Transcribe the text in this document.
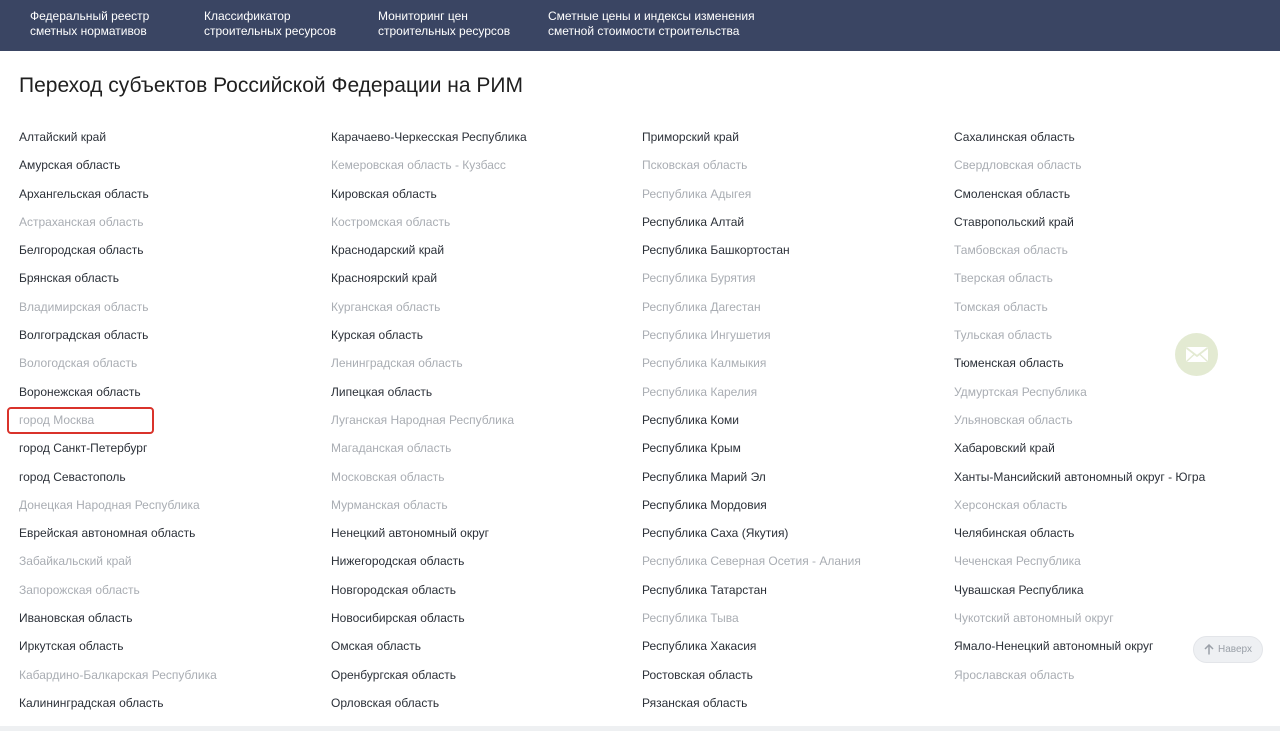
Федеральный реестр
сметных нормативов
Классификатор
строительных ресурсов
Мониторинг цен
строительных ресурсов
Сметные цены и индексы изменения
сметной стоимости строительства
Переход субъектов Российской Федерации на РИМ
Алтайский край
Амурская область
Архангельская область
Астраханская область
Белгородская область
Брянская область
Владимирская область
Волгоградская область
Вологодская область
Воронежская область
город Москва
город Санкт-Петербург
город Севастополь
Донецкая Народная Республика
Еврейская автономная область
Забайкальский край
Запорожская область
Ивановская область
Иркутская область
Кабардино-Балкарская Республика
Калининградская область
Карачаево-Черкесская Республика
Кемеровская область - Кузбасс
Кировская область
Костромская область
Краснодарский край
Красноярский край
Курганская область
Курская область
Ленинградская область
Липецкая область
Луганская Народная Республика
Магаданская область
Московская область
Мурманская область
Ненецкий автономный округ
Нижегородская область
Новгородская область
Новосибирская область
Омская область
Оренбургская область
Орловская область
Приморский край
Псковская область
Республика Адыгея
Республика Алтай
Республика Башкортостан
Республика Бурятия
Республика Дагестан
Республика Ингушетия
Республика Калмыкия
Республика Карелия
Республика Коми
Республика Крым
Республика Марий Эл
Республика Мордовия
Республика Саха (Якутия)
Республика Северная Осетия - Алания
Республика Татарстан
Республика Тыва
Республика Хакасия
Ростовская область
Рязанская область
Сахалинская область
Свердловская область
Смоленская область
Ставропольский край
Тамбовская область
Тверская область
Томская область
Тульская область
Тюменская область
Удмуртская Республика
Ульяновская область
Хабаровский край
Ханты-Мансийский автономный округ - Югра
Херсонская область
Челябинская область
Чеченская Республика
Чувашская Республика
Чукотский автономный округ
Ямало-Ненецкий автономный округ
Ярославская область
Наверх
